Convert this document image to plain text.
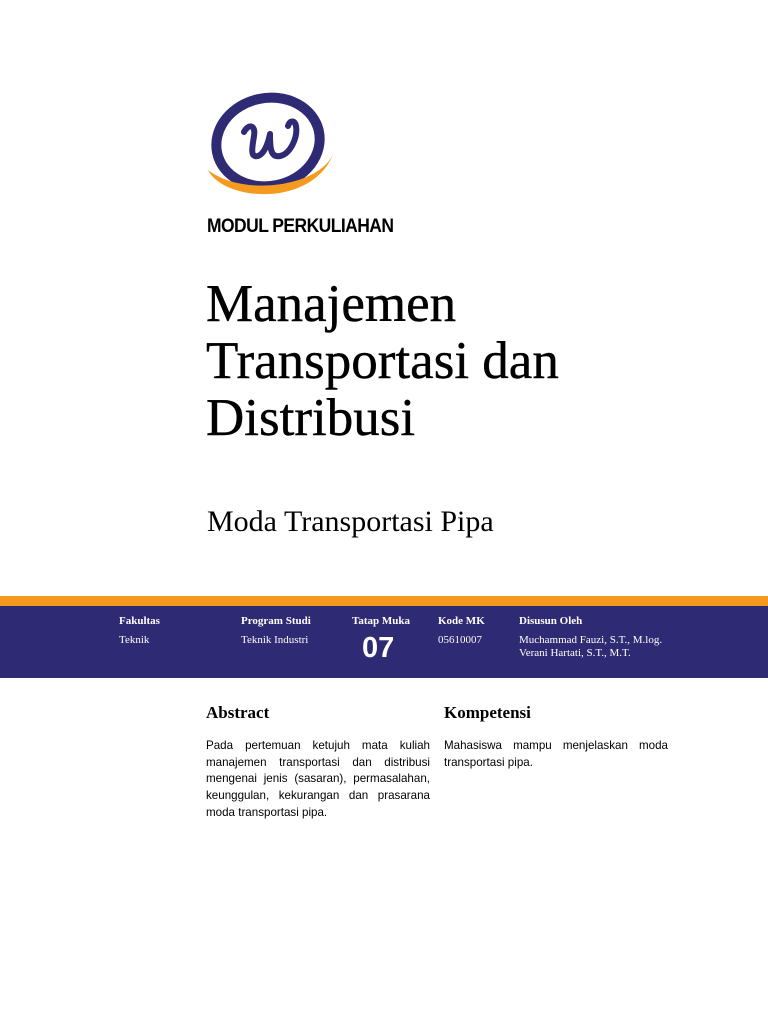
MODUL PERKULIAHAN
Manajemen
Transportasi dan
Distribusi
Moda Transportasi Pipa
Fakultas
Teknik
Program Studi
Teknik Industri
Tatap Muka
07
Kode MK
05610007
Disusun Oleh
Muchammad Fauzi, S.T., M.log.
Verani Hartati, S.T., M.T.
Abstract

Pada pertemuan ketujuh mata kuliah manajemen transportasi dan distribusi mengenai jenis (sasaran), permasalahan, keunggulan, kekurangan dan prasarana moda transportasi pipa.

Kompetensi

Mahasiswa mampu menjelaskan moda transportasi pipa.
